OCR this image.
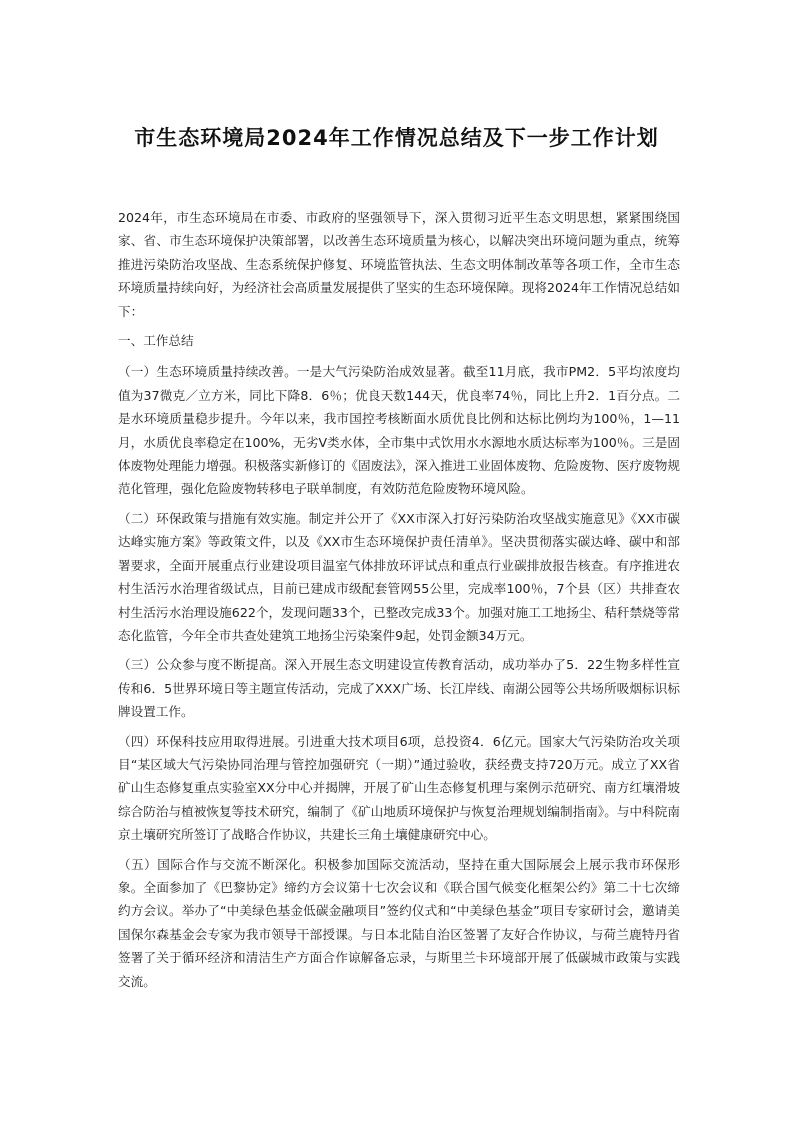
市生态环境局2024年工作情况总结及下一步工作计划

2024年，市生态环境局在市委、市政府的坚强领导下，深入贯彻习近平生态文明思想，紧紧围绕国家、省、市生态环境保护决策部署，以改善生态环境质量为核心，以解决突出环境问题为重点，统筹推进污染防治攻坚战、生态系统保护修复、环境监管执法、生态文明体制改革等各项工作，全市生态环境质量持续向好，为经济社会高质量发展提供了坚实的生态环境保障。现将2024年工作情况总结如下：

一、工作总结

（一）生态环境质量持续改善。一是大气污染防治成效显著。截至11月底，我市PM2．5平均浓度均值为37微克／立方米，同比下降8．6％；优良天数144天，优良率74％，同比上升2．1百分点。二是水环境质量稳步提升。今年以来，我市国控考核断面水质优良比例和达标比例均为100％，1—11月，水质优良率稳定在100%，无劣V类水体，全市集中式饮用水水源地水质达标率为100％。三是固体废物处理能力增强。积极落实新修订的《固废法》，深入推进工业固体废物、危险废物、医疗废物规范化管理，强化危险废物转移电子联单制度，有效防范危险废物环境风险。

（二）环保政策与措施有效实施。制定并公开了《XX市深入打好污染防治攻坚战实施意见》《XX市碳达峰实施方案》等政策文件，以及《XX市生态环境保护责任清单》。坚决贯彻落实碳达峰、碳中和部署要求，全面开展重点行业建设项目温室气体排放环评试点和重点行业碳排放报告核查。有序推进农村生活污水治理省级试点，目前已建成市级配套管网55公里，完成率100％，7个县（区）共排查农村生活污水治理设施622个，发现问题33个，已整改完成33个。加强对施工工地扬尘、秸秆禁烧等常态化监管，今年全市共查处建筑工地扬尘污染案件9起，处罚金额34万元。

（三）公众参与度不断提高。深入开展生态文明建设宣传教育活动，成功举办了5．22生物多样性宣传和6．5世界环境日等主题宣传活动，完成了XXX广场、长江岸线、南湖公园等公共场所吸烟标识标牌设置工作。

（四）环保科技应用取得进展。引进重大技术项目6项，总投资4．6亿元。国家大气污染防治攻关项目“某区域大气污染协同治理与管控加强研究（一期）”通过验收，获经费支持720万元。成立了XX省矿山生态修复重点实验室XX分中心并揭牌，开展了矿山生态修复机理与案例示范研究、南方红壤滑坡综合防治与植被恢复等技术研究，编制了《矿山地质环境保护与恢复治理规划编制指南》。与中科院南京土壤研究所签订了战略合作协议，共建长三角土壤健康研究中心。

（五）国际合作与交流不断深化。积极参加国际交流活动，坚持在重大国际展会上展示我市环保形象。全面参加了《巴黎协定》缔约方会议第十七次会议和《联合国气候变化框架公约》第二十七次缔约方会议。举办了“中美绿色基金低碳金融项目”签约仪式和“中美绿色基金”项目专家研讨会，邀请美国保尔森基金会专家为我市领导干部授课。与日本北陆自治区签署了友好合作协议，与荷兰鹿特丹省签署了关于循环经济和清洁生产方面合作谅解备忘录，与斯里兰卡环境部开展了低碳城市政策与实践交流。
